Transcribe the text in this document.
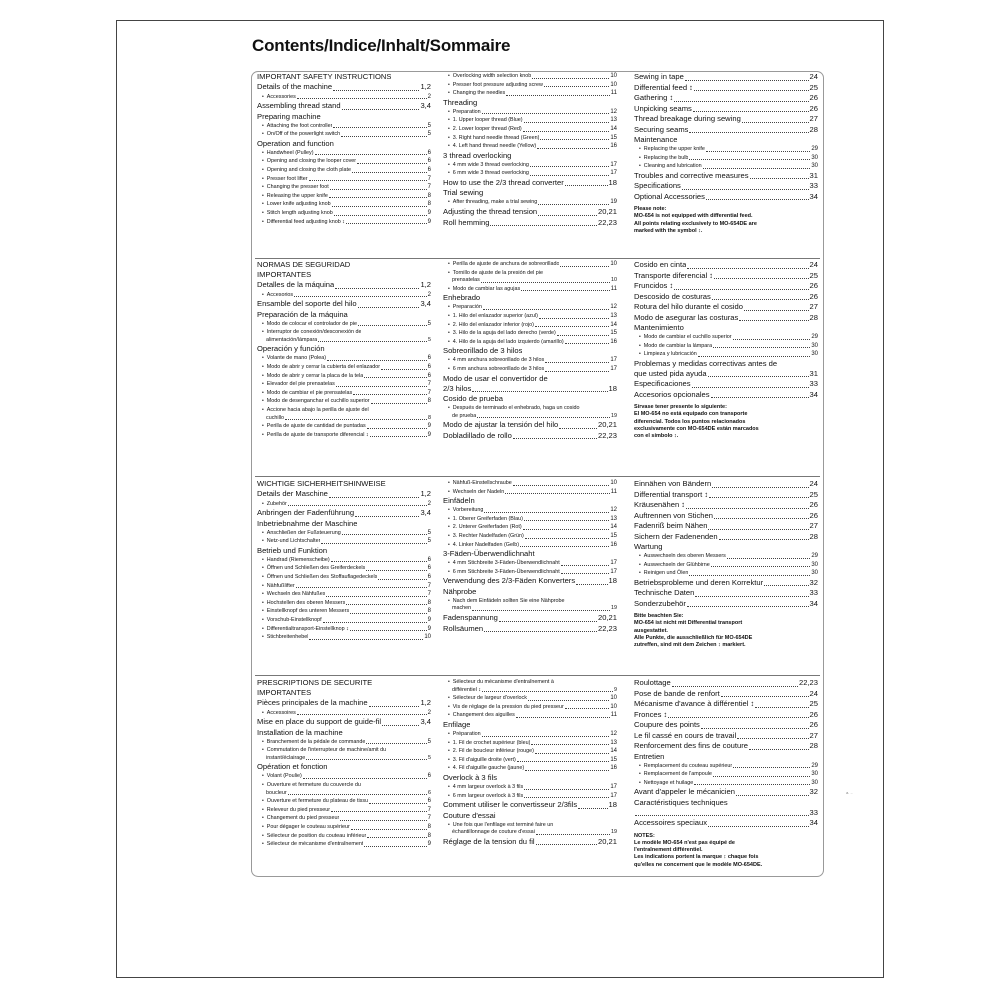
Contents/Indice/Inhalt/Sommaire
IMPORTANT SAFETY INSTRUCTIONS
Details of the machine	1,2
• Accessories	2
Assembling thread stand	3,4
Preparing machine
• Attaching the foot controller	5
• On/Off of the powerlight switch	5
Operation and function
• Handwheel (Pulley)	6
• Opening and closing the looper cover	6
• Opening and closing the cloth plate	6
• Presser foot lifter	7
• Changing the presser foot	7
• Releasing the upper knife	8
• Lower knife adjusting knob	8
• Stitch length adjusting knob	9
• Differential feed adjusting knob ↕	9
• Overlocking width selection knob	10
• Presser foot pressure adjusting screw	10
• Changing the needles	11
Threading
• Preparation	12
• 1. Upper looper thread (Blue)	13
• 2. Lower looper thread (Red)	14
• 3. Right hand needle thread (Green)	15
• 4. Left hand thread needle (Yellow)	16
3 thread overlocking
• 4 mm wide 3 thread overlocking	17
• 6 mm wide 3 thread overlocking	17
How to use the 2/3 thread converter	18
Trial sewing
• After threading, make a trial sewing	19
Adjusting the thread tension	20,21
Roll hemming	22,23
Sewing in tape	24
Differential feed ↕	25
Gathering ↕	26
Unpicking seams	26
Thread breakage during sewing	27
Securing seams	28
Maintenance
• Replacing the upper knife	29
• Replacing the bulb	30
• Cleaning and lubrication	30
Troubles and corrective measures	31
Specifications	33
Optional Accessories	34
Please note:
MO-654 is not equipped with differential feed.
All points relating exclusively to MO-654DE are
marked with the symbol ↕.
NORMAS DE SEGURIDAD
IMPORTANTES
Detalles de la máquina	1,2
• Accesorios	2
Ensamble del soporte del hilo	3,4
Preparación de la máquina
• Modo de colocar el controlador de pie	5
• Interruptor de conexión/desconexión de
alimentación/lámpara	5
Operación y función
• Volante de mano (Polea)	6
• Modo de abrir y cerrar la cubierta del enlazador	6
• Modo de abrir y cerrar la placa de la tela	6
• Elevador del pie prensatelas	7
• Modo de cambiar el pie prensatelas	7
• Modo de desenganchar el cuchillo superior	8
• Accione hacia abajo la perilla de ajuste del
cuchillo	8
• Perilla de ajuste de cantidad de puntadas	9
• Perilla de ajuste de transporte diferencial ↕	9
• Perilla de ajuste de anchura de sobreorillado	10
• Tornillo de ajuste de la presión del pie
prensatelas	10
• Modo de cambiar las agujas	11
Enhebrado
• Preparación	12
• 1. Hilo del enlazador superior (azul)	13
• 2. Hilo del enlazador inferior (rojo)	14
• 3. Hilo de la aguja del lado derecho (verde)	15
• 4. Hilo de la aguja del lado izquierdo (amarillo)	16
Sobreorillado de 3 hilos
• 4 mm anchura sobreorillado de 3 hilos	17
• 6 mm anchura sobreorillado de 3 hilos	17
Modo de usar el convertidor de
2/3 hilos	18
Cosido de prueba
• Después de terminado el enhebrado, haga un cosido
de prueba	19
Modo de ajustar la tensión del hilo	20,21
Dobladillado de rollo	22,23
Cosido en cinta	24
Transporte diferencial ↕	25
Fruncidos ↕	26
Descosido de costuras	26
Rotura del hilo durante el cosido	27
Modo de asegurar las costuras	28
Mantenimiento
• Modo de cambiar el cuchillo superior	29
• Modo de cambiar la lámpara	30
• Limpieza y lubricación	30
Problemas y medidas correctivas antes de
que usted pida ayuda	31
Especificaciones	33
Accesorios opcionales	34
Sírvase tener presente lo siguiente:
El MO-654 no está equipado con transporte
diferencial. Todos los puntos relacionados
exclusivamente con MO-654DE están marcados
con el símbolo ↕.
WICHTIGE SICHERHEITSHINWEISE
Details der Maschine	1,2
• Zubehör	2
Anbringen der Fadenführung	3,4
Inbetriebnahme der Maschine
• Anschließen der Fußsteuerung	5
• Netz-und Lichtschalter	5
Betrieb und Funktion
• Handrad (Riemenscheibe)	6
• Öffnen und Schließen des Greiferdeckels	6
• Öffnen und Schließen des Stoffauflagedeckels	6
• Nähfußlifter	7
• Wechseln des Nähfußes	7
• Hochstellen des oberen Messers	8
• Einstellknopf des unteren Messers	8
• Vorschub-Einstellknopf	9
• Differentialtransport-Einstellknop ↕	9
• Stichbreitenhebel	10
• Nähfuß-Einstellschraube	10
• Wechseln der Nadeln	11
Einfädeln
• Vorbereitung	12
• 1. Oberer Greiferfaden (Blau)	13
• 2. Unterer Greiferfaden (Rot)	14
• 3. Rechter Nadelfaden (Grün)	15
• 4. Linker Nadelfaden (Gelb)	16
3-Fäden-Überwendlichnaht
• 4 mm Stichbreite 3-Fäden-Überwendlichnaht	17
• 6 mm Stichbreite 3-Fäden-Überwendlichnaht	17
Verwendung des 2/3-Fäden Konverters	18
Nähprobe
• Nach dem Einfädeln sollten Sie eine Nähprobe
machen	19
Fadenspannung	20,21
Rollsäumen	22,23
Einnähen von Bändern	24
Differential transport ↕	25
Kräusenähen ↕	26
Auftrennen von Stichen	26
Fadenriß beim Nähen	27
Sichern der Fadenenden	28
Wartung
• Auswechseln des oberen Messers	29
• Auswechseln der Glühbirne	30
• Reinigen und Ölen	30
Betriebsprobleme und deren Korrektur	32
Technische Daten	33
Sonderzubehör	34
Bitte beachten Sie:
MO-654 ist nicht mit Differential transport
ausgestattet.
Alle Punkte, die ausschließlich für MO-654DE
zutreffen, sind mit dem Zeichen ↕ markiert.
PRESCRIPTIONS DE SECURITE
IMPORTANTES
Pièces principales de la machine	1,2
• Accessoires	2
Mise en place du support de guide-fil	3,4
Installation de la machine
• Branchement de la pédale de commande	5
• Commutation de l'interrupteur de machine/amit du
instant/éclairage	5
Opération et fonction
• Volant (Poulie)	6
• Ouverture et fermeture du couvercle du
boucleur	6
• Ouverture et fermeture du plateau de tissu	6
• Releveur du pied presseur	7
• Changement du pied presseur	7
• Pour dégager le couteau supérieur	8
• Sélecteur de position du couteau inférieur	8
• Sélecteur de mécanisme d'entraînement	9
• Sélecteur du mécanisme d'entraînement à
différentiel ↕	9
• Sélecteur de largeur d'overlock	10
• Vis de réglage de la pression du pied presseur	10
• Changement des aiguilles	11
Enfilage
• Préparation	12
• 1. Fil de crochet supérieur (bleu)	13
• 2. Fil de boucleur inférieur (rouge)	14
• 3. Fil d'aiguille droite (vert)	15
• 4. Fil d'aiguille gauche (jaune)	16
Overlock à 3 fils
• 4 mm largeur overlock à 3 fils	17
• 6 mm largeur overlock à 3 fils	17
Comment utiliser le convertisseur 2/3fils	18
Couture d'essai
• Une fois que l'enfilage est terminé faire un
échantillonnage de couture d'essai	19
Réglage de la tension du fil	20,21
Roulottage	22,23
Pose de bande de renfort	24
Mécanisme d'avance à différentiel ↕	25
Fronces ↕	26
Coupure des points	26
Le fil cassé en cours de travail	27
Renforcement des fins de couture	28
Entretien
• Remplacement du couteau supérieur	29
• Remplacement de l'ampoule	30
• Nettoyage et huilage	30
Avant d'appeler le mécanicien	32
Caractéristiques techniques
33
Accessoires speciaux	34
NOTES:
Le modèle MO-654 n'est pas équipé de
l'entraînement différentiel.
Les indications portent la marque ↕ chaque fois
qu'elles ne concernent que le modèle MO-654DE.
a. ..
